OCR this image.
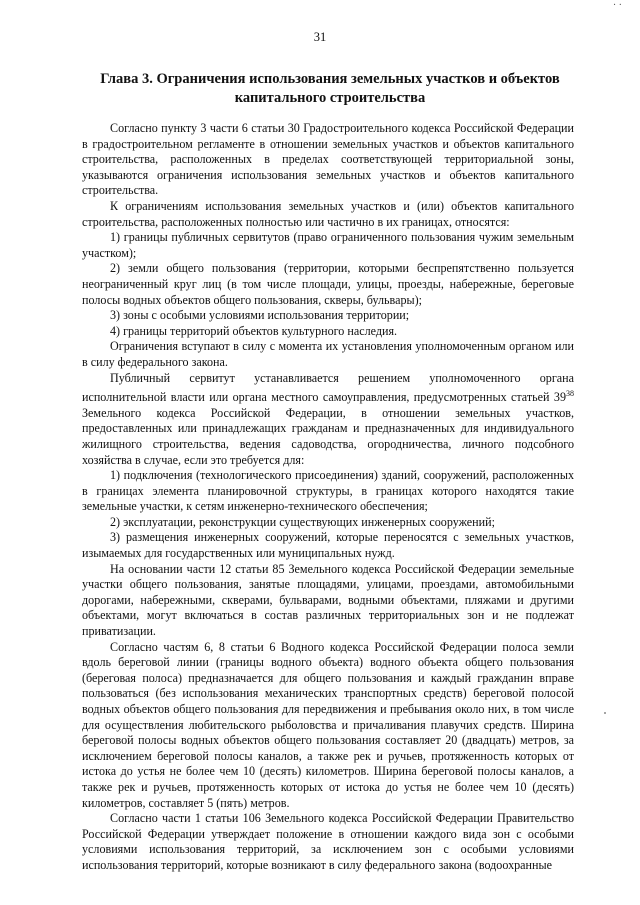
· ·
31
Глава 3. Ограничения использования земельных участков и объектов
капитального строительства

Согласно пункту 3 части 6 статьи 30 Градостроительного кодекса Российской Федерации в градостроительном регламенте в отношении земельных участков и объектов капитального строительства, расположенных в пределах соответствующей территориальной зоны, указываются ограничения использования земельных участков и объектов капитального строительства.

К ограничениям использования земельных участков и (или) объектов капитального строительства, расположенных полностью или частично в их границах, относятся:

1) границы публичных сервитутов (право ограниченного пользования чужим земельным участком);

2) земли общего пользования (территории, которыми беспрепятственно пользуется неограниченный круг лиц (в том числе площади, улицы, проезды, набережные, береговые полосы водных объектов общего пользования, скверы, бульвары);

3) зоны с особыми условиями использования территории;

4) границы территорий объектов культурного наследия.

Ограничения вступают в силу с момента их установления уполномоченным органом или в силу федерального закона.

Публичный сервитут устанавливается решением уполномоченного органа исполнительной власти или органа местного самоуправления, предусмотренных статьей $39^{38}$ Земельного кодекса Российской Федерации, в отношении земельных участков, предоставленных или принадлежащих гражданам и предназначенных для индивидуального жилищного строительства, ведения садоводства, огородничества, личного подсобного хозяйства в случае, если это требуется для:

1) подключения (технологического присоединения) зданий, сооружений, расположенных в границах элемента планировочной структуры, в границах которого находятся такие земельные участки, к сетям инженерно-технического обеспечения;

2) эксплуатации, реконструкции существующих инженерных сооружений;

3) размещения инженерных сооружений, которые переносятся с земельных участков, изымаемых для государственных или муниципальных нужд.

На основании части 12 статьи 85 Земельного кодекса Российской Федерации земельные участки общего пользования, занятые площадями, улицами, проездами, автомобильными дорогами, набережными, скверами, бульварами, водными объектами, пляжами и другими объектами, могут включаться в состав различных территориальных зон и не подлежат приватизации.

Согласно частям 6, 8 статьи 6 Водного кодекса Российской Федерации полоса земли вдоль береговой линии (границы водного объекта) водного объекта общего пользования (береговая полоса) предназначается для общего пользования и каждый гражданин вправе пользоваться (без использования механических транспортных средств) береговой полосой водных объектов общего пользования для передвижения и пребывания около них, в том числе для осуществления любительского рыболовства и причаливания плавучих средств. Ширина береговой полосы водных объектов общего пользования составляет 20 (двадцать) метров, за исключением береговой полосы каналов, а также рек и ручьев, протяженность которых от истока до устья не более чем 10 (десять) километров. Ширина береговой полосы каналов, а также рек и ручьев, протяженность которых от истока до устья не более чем 10 (десять) километров, составляет 5 (пять) метров.

Согласно части 1 статьи 106 Земельного кодекса Российской Федерации Правительство Российской Федерации утверждает положение в отношении каждого вида зон с особыми условиями использования территорий, за исключением зон с особыми условиями использования территорий, которые возникают в силу федерального закона (водоохранные
